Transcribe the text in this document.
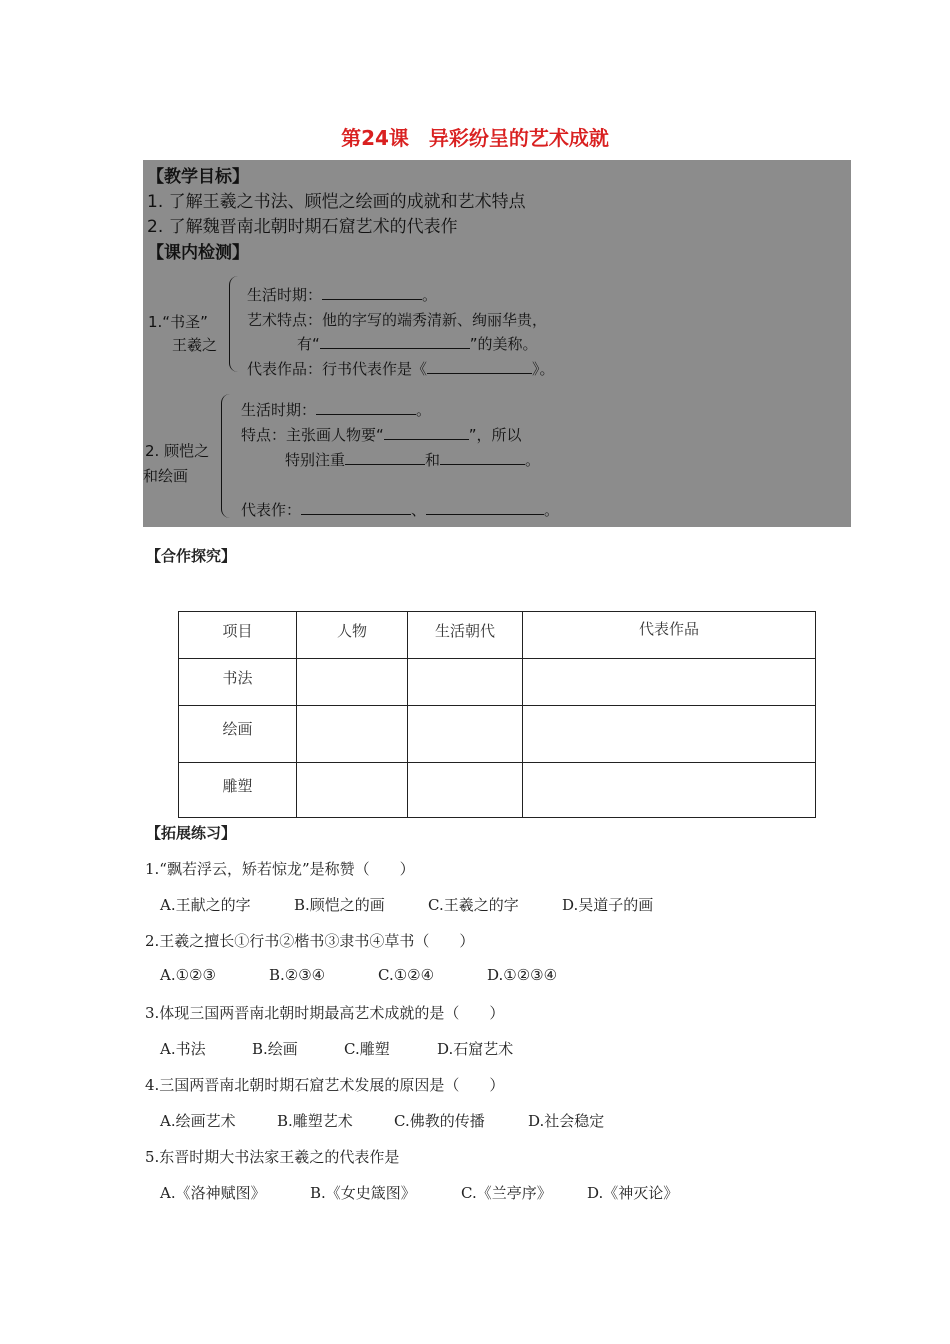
第24课　异彩纷呈的艺术成就
【教学目标】
1. 了解王羲之书法、顾恺之绘画的成就和艺术特点
2. 了解魏晋南北朝时期石窟艺术的代表作
【课内检测】
1.“书圣”
王羲之
生活时期：	。
艺术特点：他的字写的端秀清新、绚丽华贵，
有“	”的美称。
代表作品：行书代表作是《	》。
2. 顾恺之
和绘画
生活时期：	。
特点：主张画人物要“	”，所以
特别注重	和	。
代表作：	、	。
【合作探究】
项目	人物	生活朝代	代表作品
书法			
绘画			
雕塑			
【拓展练习】
1.“飘若浮云，矫若惊龙”是称赞（　　）
A.王献之的字	B.顾恺之的画	C.王羲之的字	D.吴道子的画
2.王羲之擅长①行书②楷书③隶书④草书（　　）
A.①②③	B.②③④	C.①②④	D.①②③④
3.体现三国两晋南北朝时期最高艺术成就的是（　　）
A.书法	B.绘画	C.雕塑	D.石窟艺术
4.三国两晋南北朝时期石窟艺术发展的原因是（　　）
A.绘画艺术	B.雕塑艺术	C.佛教的传播	D.社会稳定
5.东晋时期大书法家王羲之的代表作是
A.《洛神赋图》	B.《女史箴图》	C.《兰亭序》 D.《神灭论》
